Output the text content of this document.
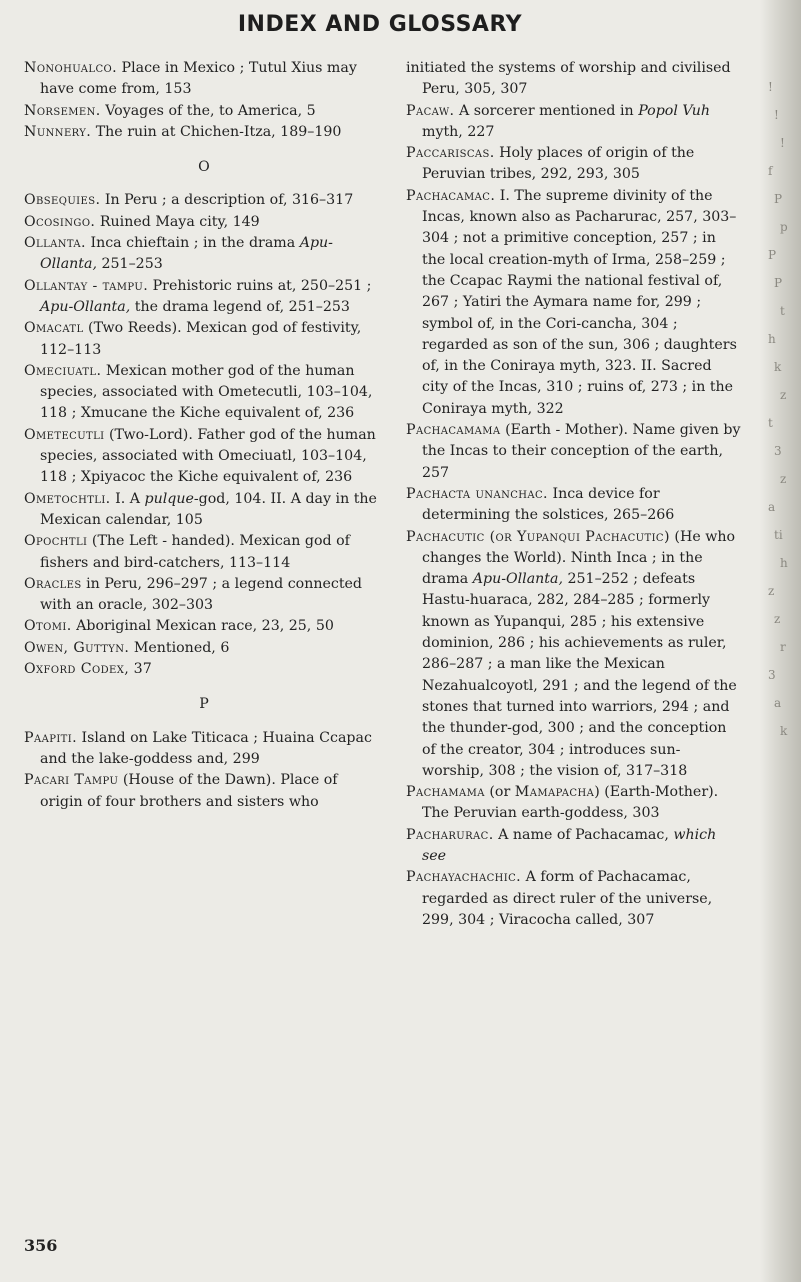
INDEX AND GLOSSARY

Nonohualco. Place in Mexico ; Tutul Xius may have come from, 153

Norsemen. Voyages of the, to America, 5

Nunnery. The ruin at Chichen-Itza, 189–190

O

Obsequies. In Peru ; a description of, 316–317

Ocosingo. Ruined Maya city, 149

Ollanta. Inca chieftain ; in the drama Apu-Ollanta, 251–253

Ollantay - tampu. Prehistoric ruins at, 250–251 ; Apu-Ollanta, the drama legend of, 251–253

Omacatl (Two Reeds). Mexican god of festivity, 112–113

Omeciuatl. Mexican mother god of the human species, associated with Ometecutli, 103–104, 118 ; Xmucane the Kiche equivalent of, 236

Ometecutli (Two-Lord). Father god of the human species, associated with Omeciuatl, 103–104, 118 ; Xpiyacoc the Kiche equivalent of, 236

Ometochtli. I. A pulque-god, 104. II. A day in the Mexican calendar, 105

Opochtli (The Left - handed). Mexican god of fishers and bird-catchers, 113–114

Oracles in Peru, 296–297 ; a legend connected with an oracle, 302–303

Otomi. Aboriginal Mexican race, 23, 25, 50

Owen, Guttyn. Mentioned, 6

Oxford Codex, 37

P

Paapiti. Island on Lake Titicaca ; Huaina Ccapac and the lake-goddess and, 299

Pacari Tampu (House of the Dawn). Place of origin of four brothers and sisters who

initiated the systems of worship and civilised Peru, 305, 307

Pacaw. A sorcerer mentioned in Popol Vuh myth, 227

Paccariscas. Holy places of origin of the Peruvian tribes, 292, 293, 305

Pachacamac. I. The supreme divinity of the Incas, known also as Pacharurac, 257, 303–304 ; not a primitive conception, 257 ; in the local creation-myth of Irma, 258–259 ; the Ccapac Raymi the national festival of, 267 ; Yatiri the Aymara name for, 299 ; symbol of, in the Cori-cancha, 304 ; regarded as son of the sun, 306 ; daughters of, in the Coniraya myth, 323. II. Sacred city of the Incas, 310 ; ruins of, 273 ; in the Coniraya myth, 322

Pachacamama (Earth - Mother). Name given by the Incas to their conception of the earth, 257

Pachacta unanchac. Inca device for determining the solstices, 265–266

Pachacutic (or Yupanqui Pachacutic) (He who changes the World). Ninth Inca ; in the drama Apu-Ollanta, 251–252 ; defeats Hastu-huaraca, 282, 284–285 ; formerly known as Yupanqui, 285 ; his extensive dominion, 286 ; his achievements as ruler, 286–287 ; a man like the Mexican Nezahualcoyotl, 291 ; and the legend of the stones that turned into warriors, 294 ; and the thunder-god, 300 ; and the conception of the creator, 304 ; introduces sun-worship, 308 ; the vision of, 317–318

Pachamama (or Mamapacha) (Earth-Mother). The Peruvian earth-goddess, 303

Pacharurac. A name of Pachacamac, which see

Pachayachachic. A form of Pachacamac, regarded as direct ruler of the universe, 299, 304 ; Viracocha called, 307

356
!
!
!
f
P
p
P
P
t
h
k
z
t
3
z
a
ti
h
z
z
r
3
a
k
